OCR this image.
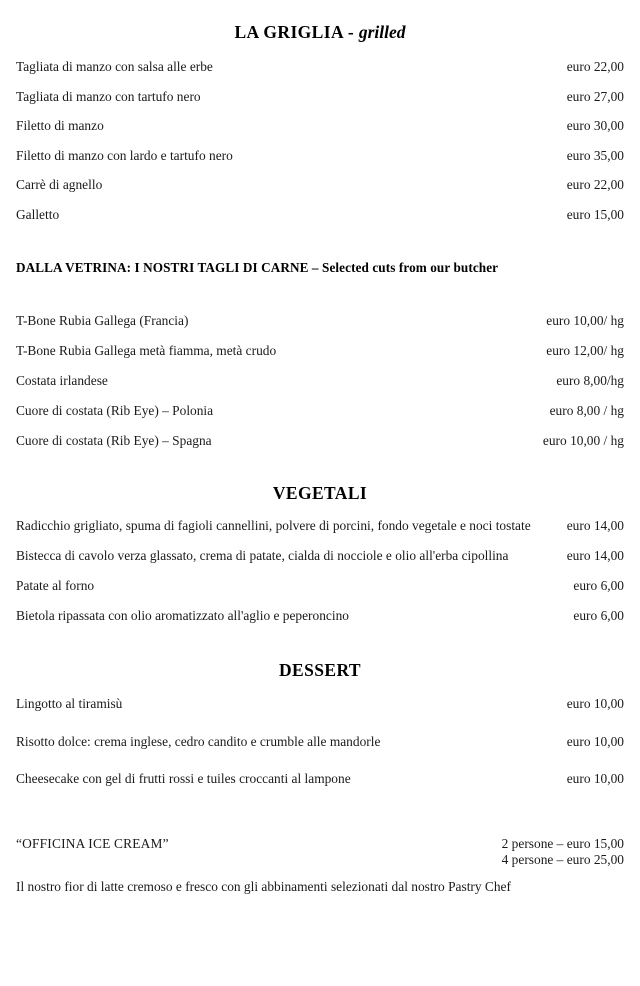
LA GRIGLIA - grilled
Tagliata di manzo con salsa alle erbe	euro 22,00
Tagliata di manzo con tartufo nero	euro 27,00
Filetto di manzo	euro 30,00
Filetto di manzo con lardo e tartufo nero	euro 35,00
Carrè di agnello	euro 22,00
Galletto	euro 15,00
DALLA VETRINA: I NOSTRI TAGLI DI CARNE – Selected cuts from our butcher
T-Bone Rubia Gallega (Francia)	euro 10,00/ hg
T-Bone Rubia Gallega metà fiamma, metà crudo	euro 12,00/ hg
Costata irlandese	euro 8,00/hg
Cuore di costata (Rib Eye) – Polonia	euro 8,00 / hg
Cuore di costata (Rib Eye) – Spagna	euro 10,00 / hg
VEGETALI
Radicchio grigliato, spuma di fagioli cannellini, polvere di porcini, fondo vegetale e noci tostate	euro 14,00
Bistecca di cavolo verza glassato, crema di patate, cialda di nocciole e olio all'erba cipollina	euro 14,00
Patate al forno	euro 6,00
Bietola ripassata con olio aromatizzato all'aglio e peperoncino	euro 6,00
DESSERT
Lingotto al tiramisù	euro 10,00
Risotto dolce: crema inglese, cedro candito e crumble alle mandorle	euro 10,00
Cheesecake con gel di frutti rossi e tuiles croccanti al lampone	euro 10,00
“OFFICINA ICE CREAM”	2 persone – euro 15,00
4 persone – euro 25,00
Il nostro fior di latte cremoso e fresco con gli abbinamenti selezionati dal nostro Pastry Chef
